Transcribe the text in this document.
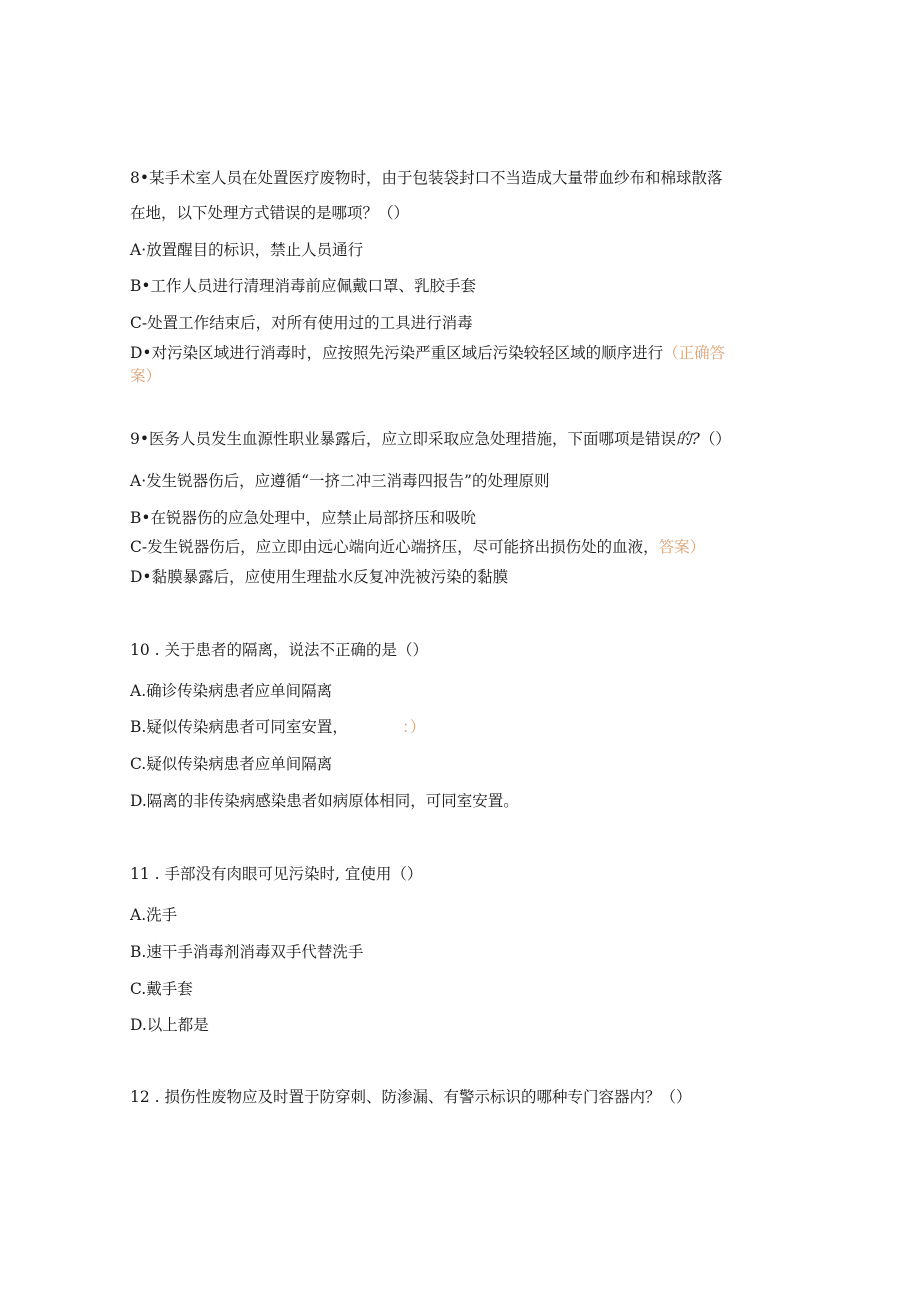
8•某手术室人员在处置医疗废物时，由于包装袋封口不当造成大量带血纱布和棉球散落
在地，以下处理方式错误的是哪项？（）
A·放置醒目的标识，禁止人员通行
B•工作人员进行清理消毒前应佩戴口罩、乳胶手套
C-处置工作结束后，对所有使用过的工具进行消毒
D•对污染区域进行消毒时，应按照先污染严重区域后污染较轻区域的顺序进行（正确答
案）
9•医务人员发生血源性职业暴露后，应立即采取应急处理措施，下面哪项是错误的?（）
A·发生锐器伤后，应遵循“一挤二冲三消毒四报告”的处理原则
B•在锐器伤的应急处理中，应禁止局部挤压和吸吮
C-发生锐器伤后，应立即由远心端向近心端挤压，尽可能挤出损伤处的血液，答案）
D•黏膜暴露后，应使用生理盐水反复冲洗被污染的黏膜
10 . 关于患者的隔离，说法不正确的是（）
A.确诊传染病患者应单间隔离
B.疑似传染病患者可同室安置，	：）
C.疑似传染病患者应单间隔离
D.隔离的非传染病感染患者如病原体相同，可同室安置。
11 . 手部没有肉眼可见污染时, 宜使用（）
A.洗手
B.速干手消毒剂消毒双手代替洗手
C.戴手套
D.以上都是
12 . 损伤性废物应及时置于防穿刺、防渗漏、有警示标识的哪种专门容器内？（）
